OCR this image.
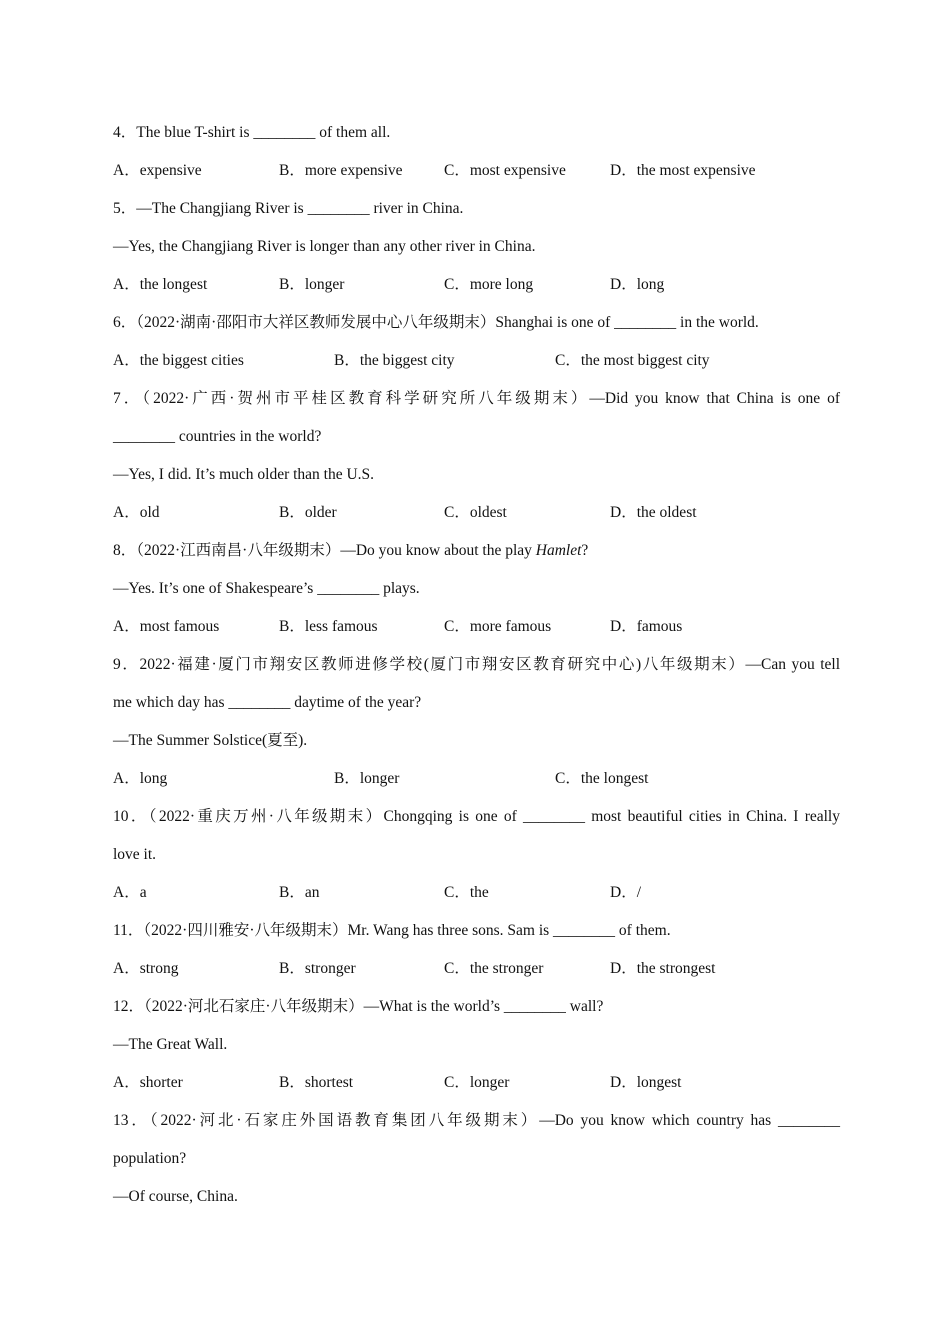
4．The blue T-shirt is ________ of them all.
A．expensive	B．more expensive	C．most expensive	D．the most expensive
5．—The Changjiang River is ________ river in China.
—Yes, the Changjiang River is longer than any other river in China.
A．the longest	B．longer	C．more long	D．long
6．（2022·湖南·邵阳市大祥区教师发展中心八年级期末）Shanghai is one of ________ in the world.
A．the biggest cities	B．the biggest city	C．the most biggest city
7．（2022·广西·贺州市平桂区教育科学研究所八年级期末）—Did you know that China is one of
________ countries in the world?
—Yes, I did. It’s much older than the U.S.
A．old	B．older	C．oldest	D．the oldest
8．（2022·江西南昌·八年级期末）—Do you know about the play Hamlet?
—Yes. It’s one of Shakespeare’s ________ plays.
A．most famous	B．less famous	C．more famous	D．famous
9．2022·福建·厦门市翔安区教师进修学校(厦门市翔安区教育研究中心)八年级期末）—Can you tell
me which day has ________ daytime of the year?
—The Summer Solstice(夏至).
A．long	B．longer	C．the longest
10．（2022·重庆万州·八年级期末）Chongqing is one of ________ most beautiful cities in China. I really
love it.
A．a	B．an	C．the	D．/
11．（2022·四川雅安·八年级期末）Mr. Wang has three sons. Sam is ________ of them.
A．strong	B．stronger	C．the stronger	D．the strongest
12．（2022·河北石家庄·八年级期末）—What is the world’s ________ wall?
—The Great Wall.
A．shorter	B．shortest	C．longer	D．longest
13．（2022·河北·石家庄外国语教育集团八年级期末）—Do you know which country has ________
population?
—Of course, China.
